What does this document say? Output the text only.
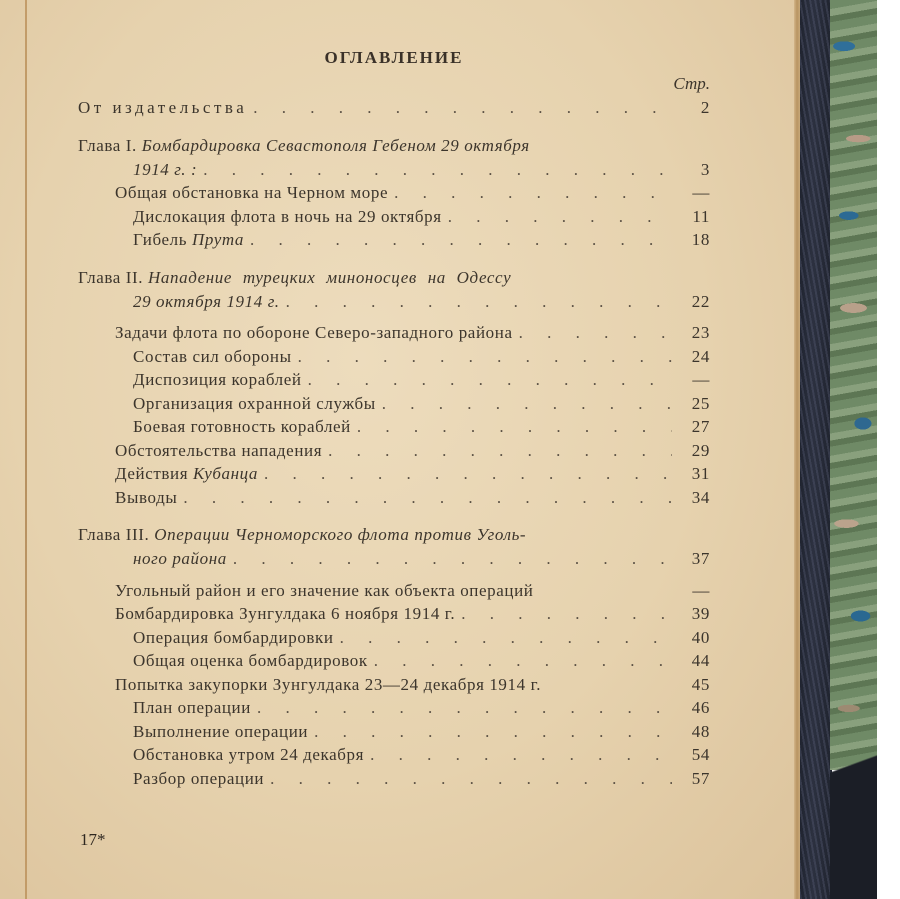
ОГЛАВЛЕНИЕ
Стр.
От издательства . . .	2
Глава I. Бомбардировка Севастополя Гебеном 29 октября
1914 г. : . . .	3
Общая обстановка на Черном море . . .	—
Дислокация флота в ночь на 29 октября . . .	11
Гибель Прута . . .	18
Глава II. Нападение турецких миноносцев на Одессу
29 октября 1914 г. . . .	22
Задачи флота по обороне Северо-западного района . . .	23
Состав сил обороны . . .	24
Диспозиция кораблей . . .	—
Организация охранной службы . . .	25
Боевая готовность кораблей . . .	27
Обстоятельства нападения . . .	29
Действия Кубанца . . .	31
Выводы . . .	34
Глава III. Операции Черноморского флота против Уголь-
ного района . . .	37
Угольный район и его значение как объекта операций	—
Бомбардировка Зунгулдака 6 ноября 1914 г. . . .	39
Операция бомбардировки . . .	40
Общая оценка бомбардировок . . .	44
Попытка закупорки Зунгулдака 23—24 декабря 1914 г.	45
План операции . . .	46
Выполнение операции . . .	48
Обстановка утром 24 декабря . . .	54
Разбор операции . . .	57
17*
